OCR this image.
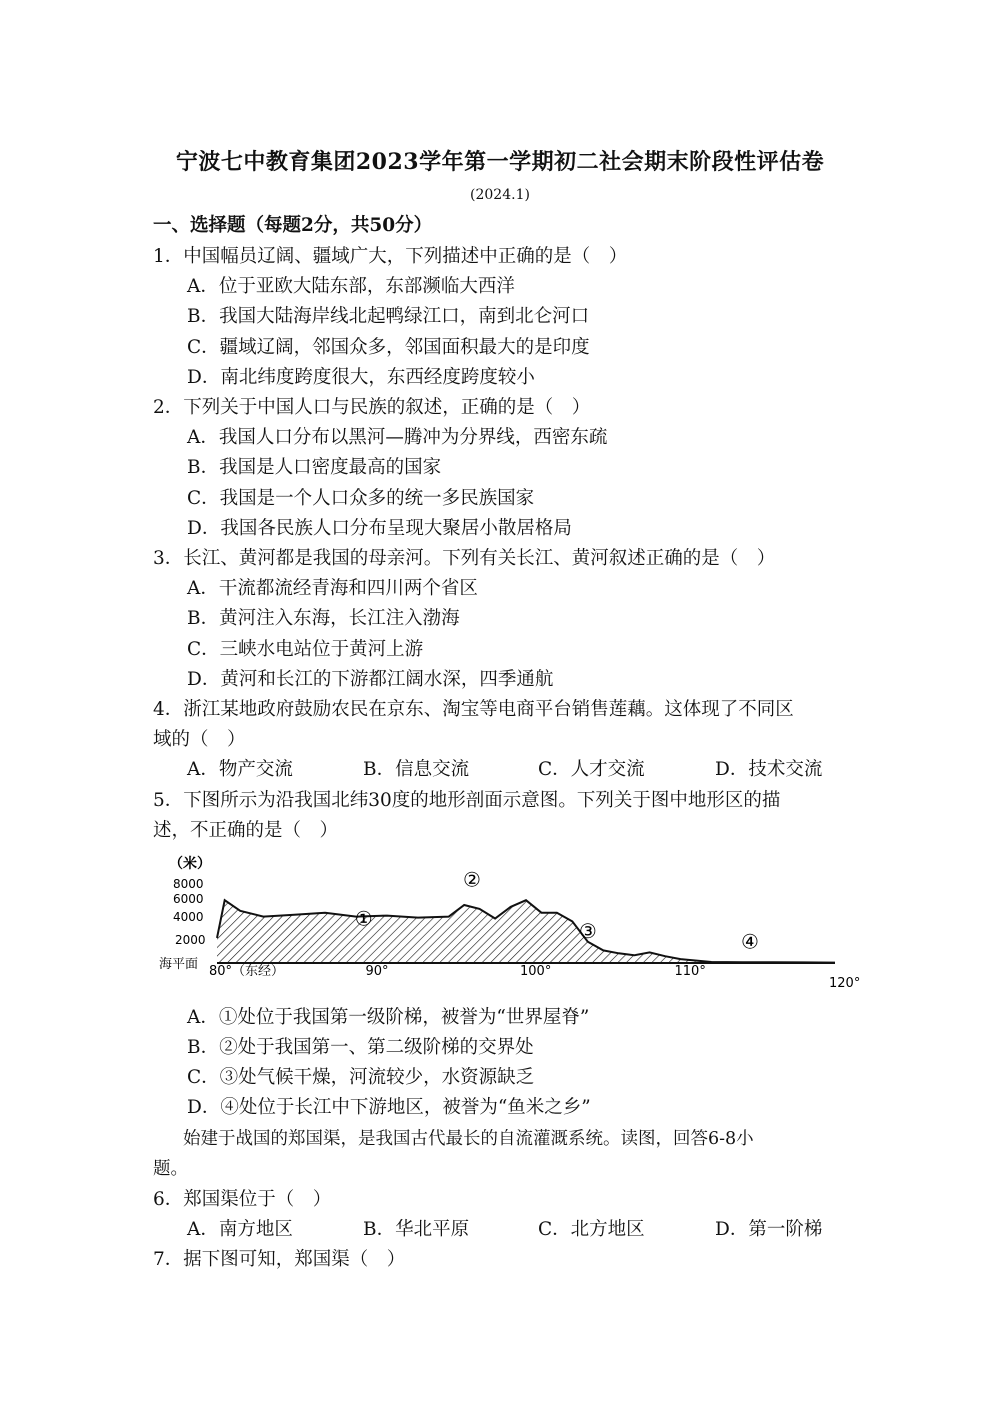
宁波七中教育集团2023学年第一学期初二社会期末阶段性评估卷
(2024.1)
一、选择题（每题2分，共50分）
1．中国幅员辽阔、疆域广大，下列描述中正确的是（　）
A．位于亚欧大陆东部，东部濒临大西洋
B．我国大陆海岸线北起鸭绿江口，南到北仑河口
C．疆域辽阔，邻国众多，邻国面积最大的是印度
D．南北纬度跨度很大，东西经度跨度较小
2．下列关于中国人口与民族的叙述，正确的是（　）
A．我国人口分布以黑河—腾冲为分界线，西密东疏
B．我国是人口密度最高的国家
C．我国是一个人口众多的统一多民族国家
D．我国各民族人口分布呈现大聚居小散居格局
3．长江、黄河都是我国的母亲河。下列有关长江、黄河叙述正确的是（　）
A．干流都流经青海和四川两个省区
B．黄河注入东海，长江注入渤海
C．三峡水电站位于黄河上游
D．黄河和长江的下游都江阔水深，四季通航
4．浙江某地政府鼓励农民在京东、淘宝等电商平台销售莲藕。这体现了不同区
域的（　）
A．物产交流	B．信息交流	C．人才交流	D．技术交流
5．下图所示为沿我国北纬30度的地形剖面示意图。下列关于图中地形区的描
述，不正确的是（　）
（米）
8000
6000
4000
2000
海平面 80°（东经）	90°	100°	110°
120°
①
②
③	④
A．①处位于我国第一级阶梯，被誉为“世界屋脊”
B．②处于我国第一、第二级阶梯的交界处
C．③处气候干燥，河流较少，水资源缺乏
D．④处位于长江中下游地区，被誉为“鱼米之乡”
始建于战国的郑国渠，是我国古代最长的自流灌溉系统。读图，回答6-8小
题。
6．郑国渠位于（　）
A．南方地区	B．华北平原	C．北方地区	D．第一阶梯
7．据下图可知，郑国渠（　）
